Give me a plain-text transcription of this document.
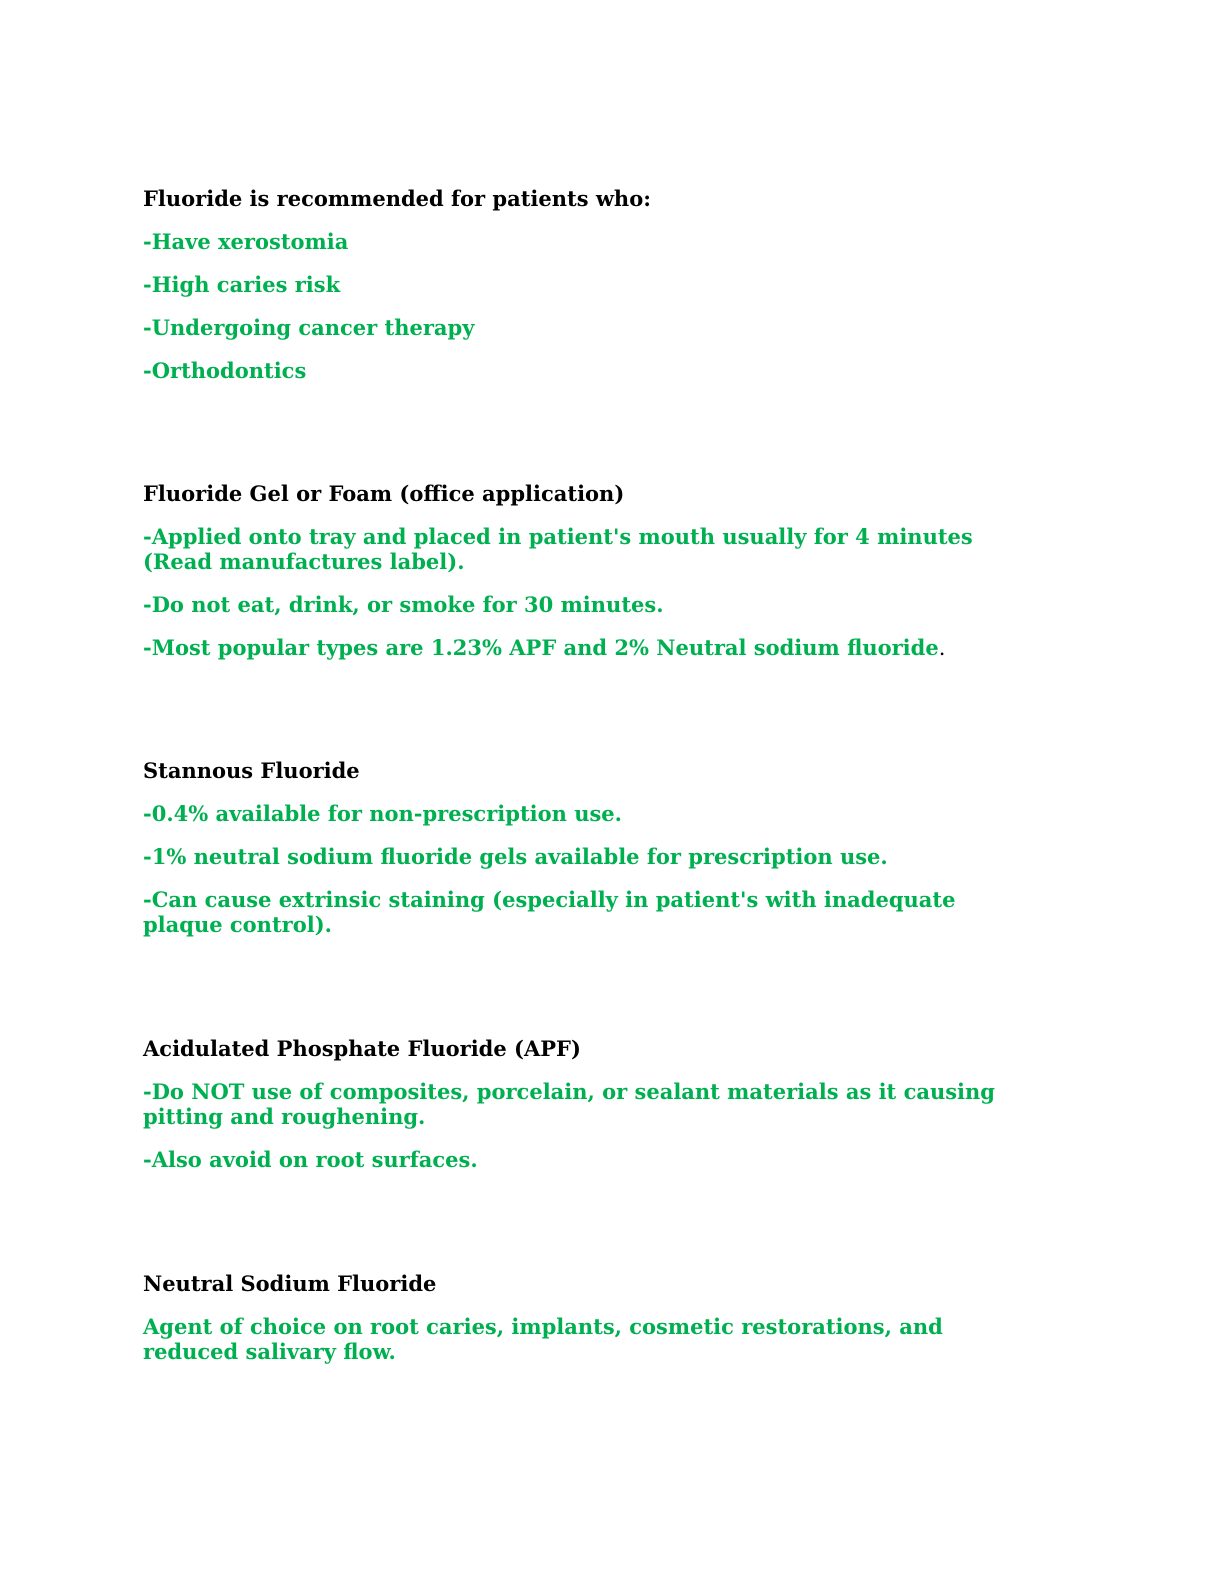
Fluoride is recommended for patients who:
-Have xerostomia
-High caries risk
-Undergoing cancer therapy
-Orthodontics
Fluoride Gel or Foam (office application)
-Applied onto tray and placed in patient's mouth usually for 4 minutes (Read manufactures label).
-Do not eat, drink, or smoke for 30 minutes.
-Most popular types are 1.23% APF and 2% Neutral sodium fluoride.
Stannous Fluoride
-0.4% available for non-prescription use.
-1% neutral sodium fluoride gels available for prescription use.
-Can cause extrinsic staining (especially in patient's with inadequate plaque control).
Acidulated Phosphate Fluoride (APF)
-Do NOT use of composites, porcelain, or sealant materials as it causing pitting and roughening.
-Also avoid on root surfaces.
Neutral Sodium Fluoride
Agent of choice on root caries, implants, cosmetic restorations, and reduced salivary flow.
